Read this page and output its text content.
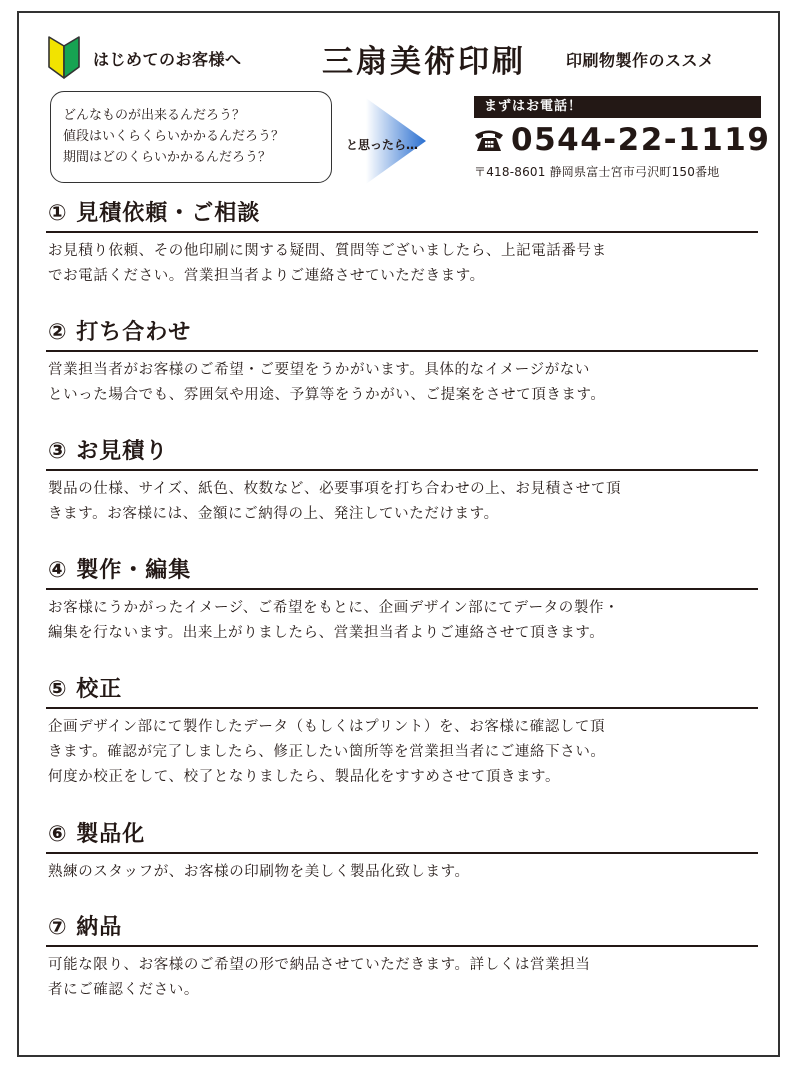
はじめてのお客様へ	三扇美術印刷	印刷物製作のススメ
どんなものが出来るんだろう？
値段はいくらくらいかかるんだろう？
期間はどのくらいかかるんだろう？
と思ったら…
まずはお電話！
0544-22-1119
〒418-8601 静岡県富士宮市弓沢町150番地
① 見積依頼・ご相談
お見積り依頼、その他印刷に関する疑問、質問等ございましたら、上記電話番号ま
でお電話ください。営業担当者よりご連絡させていただきます。
② 打ち合わせ
営業担当者がお客様のご希望・ご要望をうかがいます。具体的なイメージがない
といった場合でも、雰囲気や用途、予算等をうかがい、ご提案をさせて頂きます。
③ お見積り
製品の仕様、サイズ、紙色、枚数など、必要事項を打ち合わせの上、お見積させて頂
きます。お客様には、金額にご納得の上、発注していただけます。
④ 製作・編集
お客様にうかがったイメージ、ご希望をもとに、企画デザイン部にてデータの製作・
編集を行ないます。出来上がりましたら、営業担当者よりご連絡させて頂きます。
⑤ 校正
企画デザイン部にて製作したデータ（もしくはプリント）を、お客様に確認して頂
きます。確認が完了しましたら、修正したい箇所等を営業担当者にご連絡下さい。
何度か校正をして、校了となりましたら、製品化をすすめさせて頂きます。
⑥ 製品化
熟練のスタッフが、お客様の印刷物を美しく製品化致します。
⑦ 納品
可能な限り、お客様のご希望の形で納品させていただきます。詳しくは営業担当
者にご確認ください。
